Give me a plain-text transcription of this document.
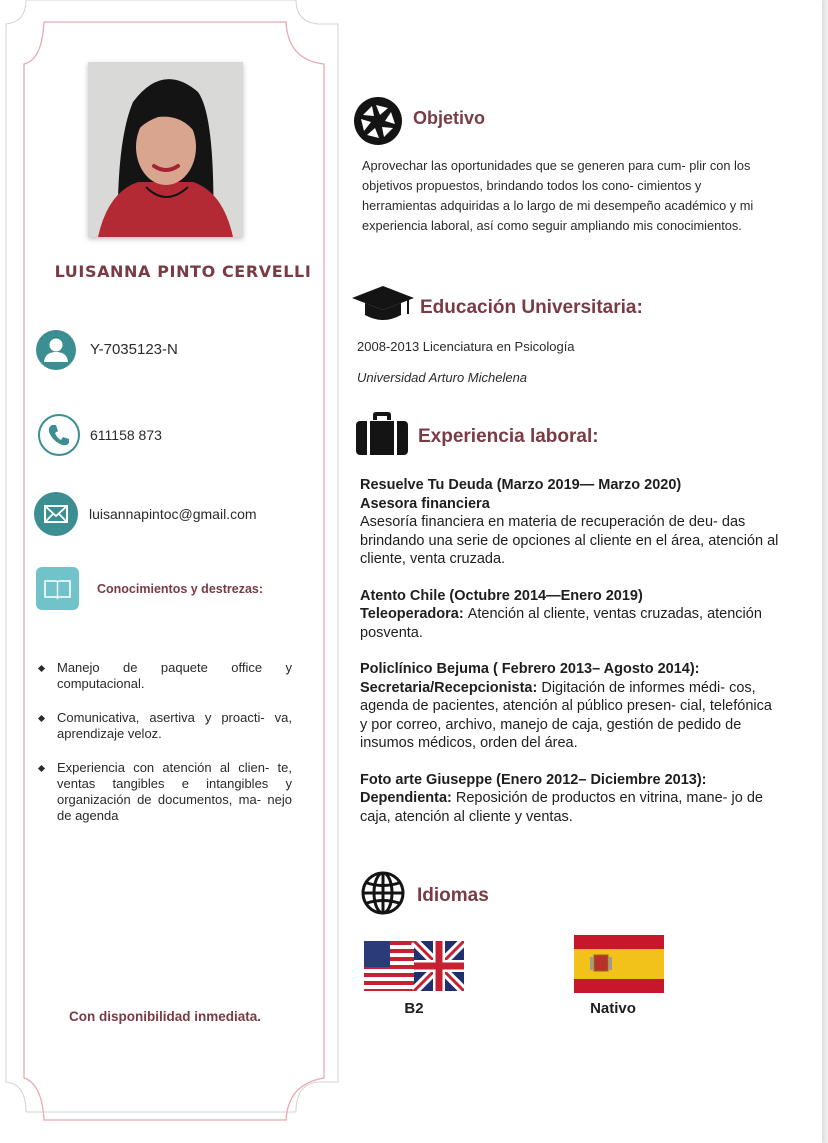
LUISANNA PINTO CERVELLI
Y-7035123-N
611158 873
luisannapintoc@gmail.com
Conocimientos y destrezas:
Manejo de paquete office y computacional.
Comunicativa, asertiva y proacti- va, aprendizaje veloz.
Experiencia con atención al clien- te, ventas tangibles e intangibles y organización de documentos, ma- nejo de agenda
Con disponibilidad inmediata.
Objetivo
Aprovechar las oportunidades que se generen para cum- plir con los objetivos propuestos, brindando todos los cono- cimientos y herramientas adquiridas a lo largo de mi desempeño académico y mi experiencia laboral, así como seguir ampliando mis conocimientos.
Educación Universitaria:
2008-2013 Licenciatura en Psicología
Universidad Arturo Michelena
Experiencia laboral:
Resuelve Tu Deuda (Marzo 2019— Marzo 2020)
Asesora financiera
Asesoría financiera en materia de recuperación de deu- das brindando una serie de opciones al cliente en el área, atención al cliente, venta cruzada.
Atento Chile (Octubre 2014—Enero 2019)
Teleoperadora: Atención al cliente, ventas cruzadas, atención posventa.
Policlínico Bejuma ( Febrero 2013– Agosto 2014):
Secretaria/Recepcionista: Digitación de informes médi- cos, agenda de pacientes, atención al público presen- cial, telefónica y por correo, archivo, manejo de caja, gestión de pedido de insumos médicos, orden del área.
Foto arte Giuseppe (Enero 2012– Diciembre 2013):
Dependienta: Reposición de productos en vitrina, mane- jo de caja, atención al cliente y ventas.
Idiomas
B2	Nativo
